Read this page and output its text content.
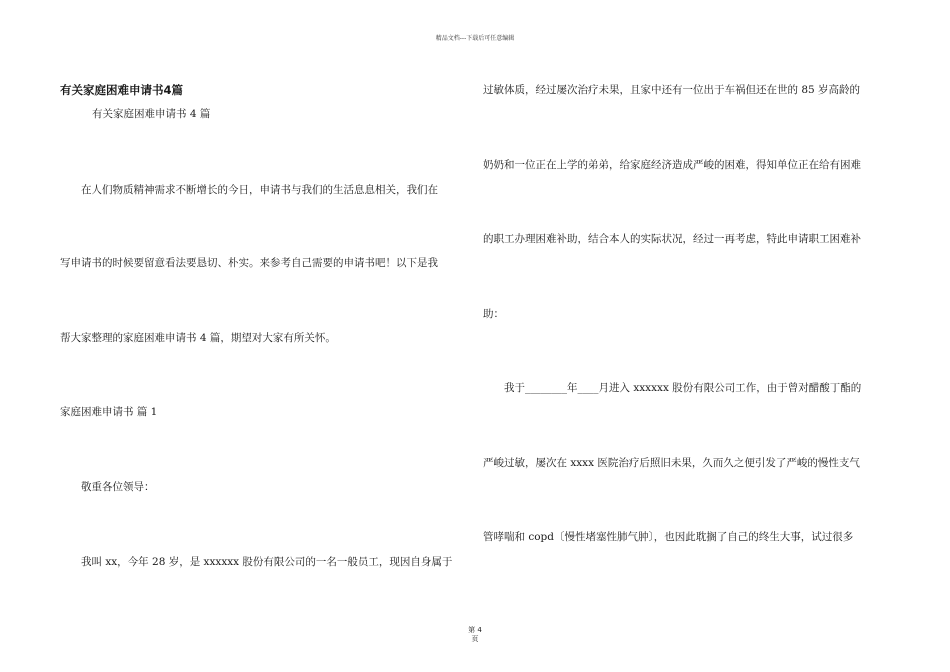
精品文档---下载后可任意编辑
有关家庭困难申请书4篇
有关家庭困难申请书 4 篇
在人们物质精神需求不断增长的今日，申请书与我们的生活息息相关，我们在
写申请书的时候要留意看法要恳切、朴实。来参考自己需要的申请书吧！以下是我
帮大家整理的家庭困难申请书 4 篇，期望对大家有所关怀。
家庭困难申请书 篇 1
敬重各位领导：
我叫 xx，今年 28 岁，是 xxxxxx 股份有限公司的一名一般员工，现因自身属于
过敏体质，经过屡次治疗未果，且家中还有一位出于车祸但还在世的 85 岁高龄的
奶奶和一位正在上学的弟弟，给家庭经济造成严峻的困难，得知单位正在给有困难
的职工办理困难补助，结合本人的实际状况，经过一再考虑，特此申请职工困难补
助：
我于________年____月进入 xxxxxx 股份有限公司工作，由于曾对醋酸丁酯的
严峻过敏，屡次在 xxxx 医院治疗后照旧未果，久而久之便引发了严峻的慢性支气
管哮喘和 copd〔慢性堵塞性肺气肿〕，也因此耽搁了自己的终生大事，试过很多
第 4
页
